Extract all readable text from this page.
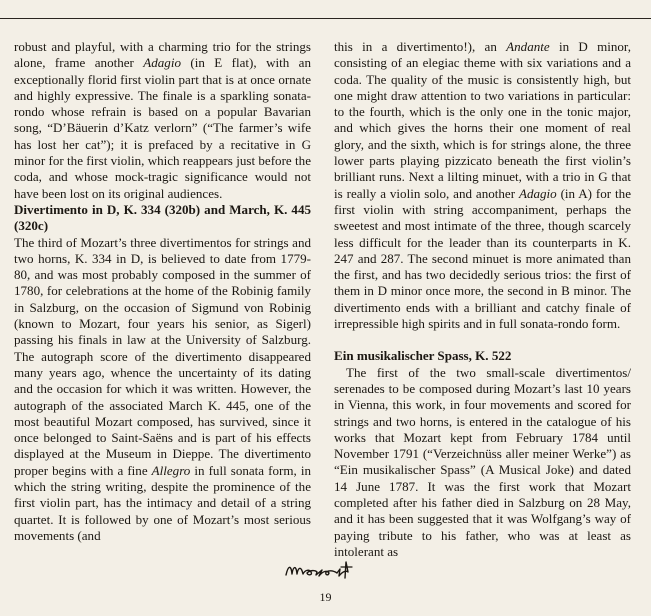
robust and playful, with a charming trio for the strings alone, frame another Adagio (in E flat), with an exceptionally florid first violin part that is at once ornate and highly expressive. The finale is a sparkling sonata-rondo whose refrain is based on a popular Bavarian song, “D’Bäuerin d’Katz verlorn” (“The farmer’s wife has lost her cat”); it is prefaced by a recitative in G minor for the first violin, which reappears just before the coda, and whose mock-tragic significance would not have been lost on its original audiences.

Divertimento in D, K. 334 (320b) and March, K. 445 (320c)

The third of Mozart’s three divertimentos for strings and two horns, K. 334 in D, is believed to date from 1779-80, and was most probably composed in the summer of 1780, for celebrations at the home of the Robinig family in Salzburg, on the occasion of Sigmund von Robinig (known to Mozart, four years his senior, as Sigerl) passing his finals in law at the University of Salzburg. The autograph score of the divertimento disappeared many years ago, whence the uncertainty of its dating and the occasion for which it was written. However, the autograph of the associated March K. 445, one of the most beautiful Mozart composed, has survived, since it once belonged to Saint-Saëns and is part of his effects displayed at the Museum in Dieppe. The divertimento proper begins with a fine Allegro in full sonata form, in which the string writing, despite the prominence of the first violin part, has the intimacy and detail of a string quartet. It is followed by one of Mozart’s most serious movements (and

this in a divertimento!), an Andante in D minor, consisting of an elegiac theme with six variations and a coda. The quality of the music is consistently high, but one might draw attention to two variations in particular: to the fourth, which is the only one in the tonic major, and which gives the horns their one moment of real glory, and the sixth, which is for strings alone, the three lower parts playing pizzicato beneath the first violin’s brilliant runs. Next a lilting minuet, with a trio in G that is really a violin solo, and another Adagio (in A) for the first violin with string accompaniment, perhaps the sweetest and most intimate of the three, though scarcely less difficult for the leader than its counterparts in K. 247 and 287. The second minuet is more animated than the first, and has two decidedly serious trios: the first of them in D minor once more, the second in B minor. The divertimento ends with a brilliant and catchy finale of irrepressible high spirits and in full sonata-rondo form.

Ein musikalischer Spass, K. 522

The first of the two small-scale divertimentos/ serenades to be composed during Mozart’s last 10 years in Vienna, this work, in four movements and scored for strings and two horns, is entered in the catalogue of his works that Mozart kept from February 1784 until November 1791 (“Verzeichnüss aller meiner Werke”) as “Ein musikalischer Spass” (A Musical Joke) and dated 14 June 1787. It was the first work that Mozart completed after his father died in Salzburg on 28 May, and it has been suggested that it was Wolfgang’s way of paying tribute to his father, who was at least as intolerant as

19
